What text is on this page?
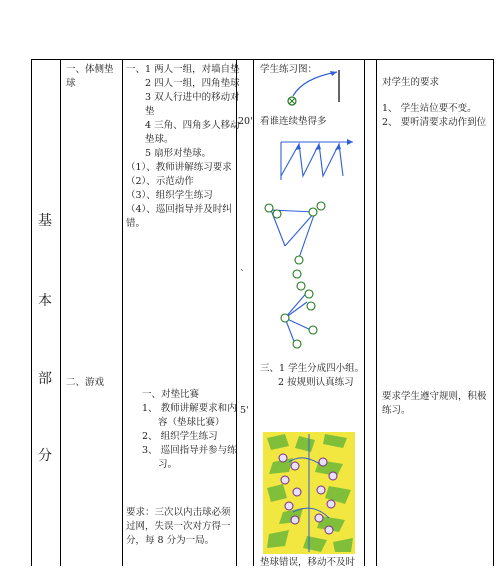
基
本
部
分
一、体侧垫
球
二、游戏
一、1 两人一组，对墙自垫
2 四人一组，四角垫球
3 双人行进中的移动对
垫
4 三角、四角多人移动
垫球。
5 扇形对垫球。
（1）、教师讲解练习要求
（2）、示范动作
（3）、组织学生练习
（4）、巡回指导并及时纠
错。
一、对垫比赛
1、 教师讲解要求和内
容（垫球比赛）
2、 组织学生练习
3、 巡回指导并参与练
习。
要求：三次以内击球必须
过网，失误一次对方得一
分，每 8 分为一局。
20'
`
5'
学生练习图：
看谁连续垫得多
三、1 学生分成四小组。
2 按规则认真练习
垫球错误，移动不及时
对学生的要求
1、 学生站位要不变。
2、 要听清要求动作到位
要求学生遵守规则，积极
练习。
